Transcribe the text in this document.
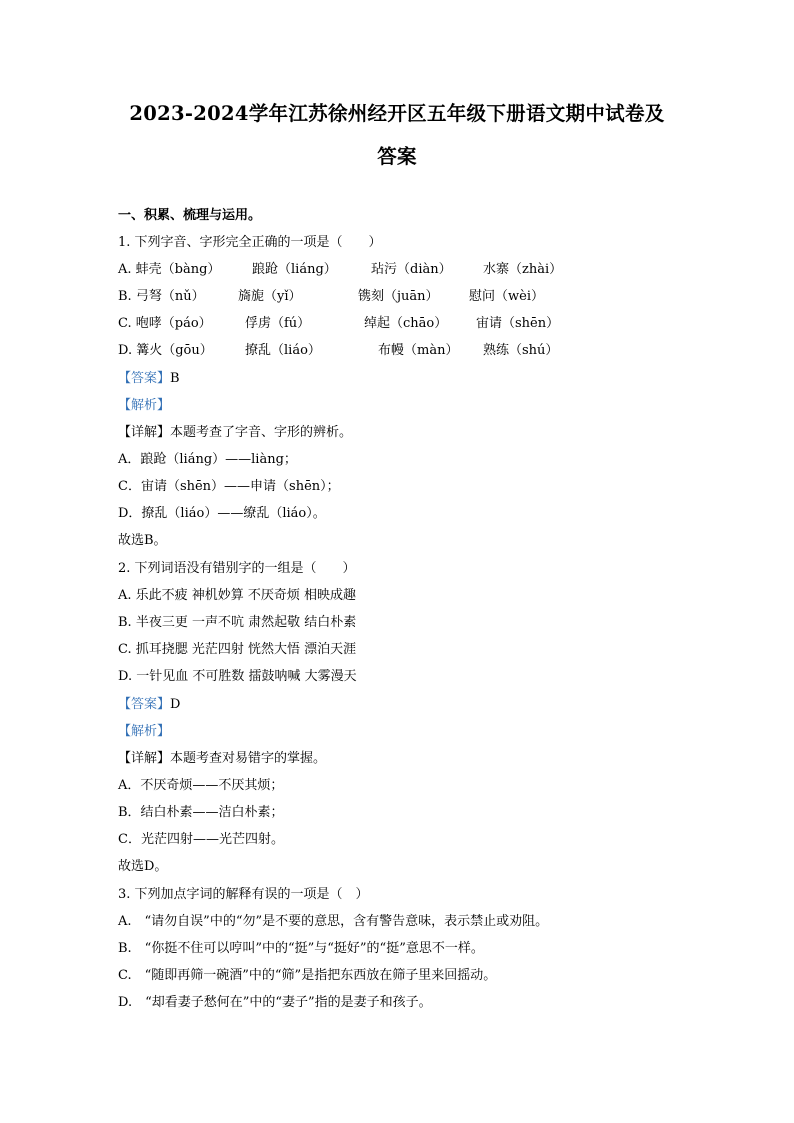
2023-2024学年江苏徐州经开区五年级下册语文期中试卷及
答案
一、积累、梳理与运用。
1. 下列字音、字形完全正确的一项是（　　）
A. 蚌壳（bàng） 踉跄（liáng）	玷污（diàn） 水寨（zhài）
B. 弓弩（nǔ）	旖旎（yǐ）	镌刻（juān） 慰问（wèi）
C. 咆哮（páo）	俘虏（fú）	绰起（chāo） 宙请（shēn）
D. 篝火（gōu） 撩乱（liáo）	布幔（màn） 熟练（shú）
【答案】B
【解析】
【详解】本题考查了字音、字形的辨析。
A．踉跄（liáng）——liàng；
C．宙请（shēn）——申请（shēn）；
D．撩乱（liáo）——缭乱（liáo）。
故选B。
2. 下列词语没有错别字的一组是（　　）
A. 乐此不疲 神机妙算 不厌奇烦 相映成趣
B. 半夜三更 一声不吭 肃然起敬 结白朴素
C. 抓耳挠腮 光茫四射 恍然大悟 漂泊天涯
D. 一针见血 不可胜数 擂鼓呐喊 大雾漫天
【答案】D
【解析】
【详解】本题考查对易错字的掌握。
A．不厌奇烦——不厌其烦；
B．结白朴素——洁白朴素；
C．光茫四射——光芒四射。
故选D。
3. 下列加点字词的解释有误的一项是（　）
A.　“请勿自误”中的“勿”是不要的意思，含有警告意味，表示禁止或劝阻。
B.　“你挺不住可以哼叫”中的“挺”与“挺好”的“挺”意思不一样。
C.　“随即再筛一碗酒”中的“筛”是指把东西放在筛子里来回摇动。
D.　“却看妻子愁何在”中的“妻子”指的是妻子和孩子。
